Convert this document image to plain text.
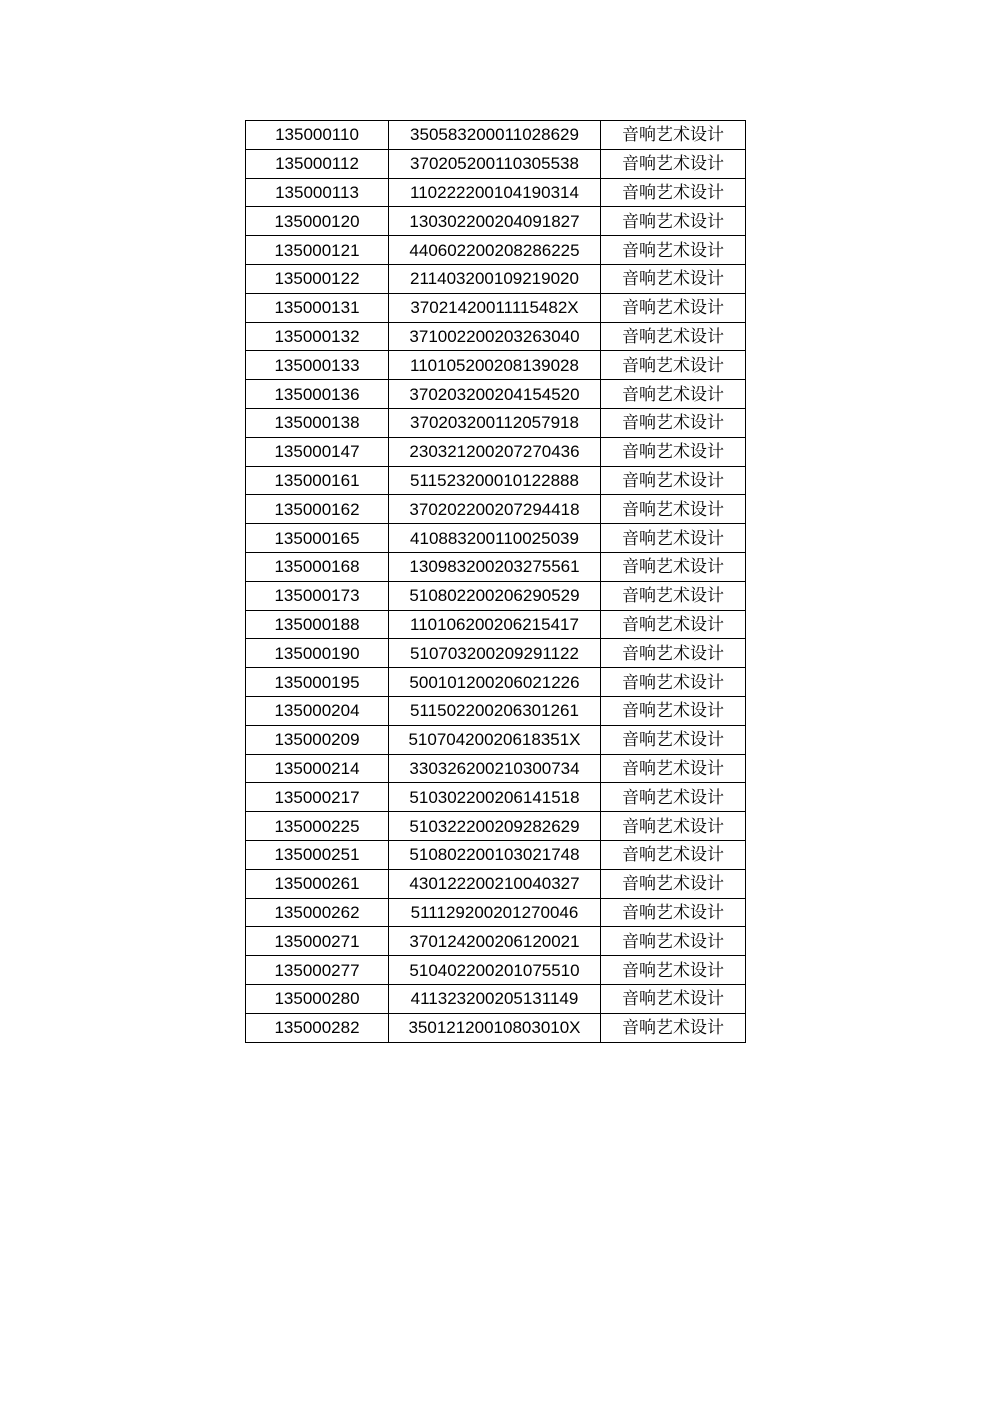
135000110	350583200011028629	音响艺术设计
135000112	370205200110305538	音响艺术设计
135000113	110222200104190314	音响艺术设计
135000120	130302200204091827	音响艺术设计
135000121	440602200208286225	音响艺术设计
135000122	211403200109219020	音响艺术设计
135000131	37021420011115482X	音响艺术设计
135000132	371002200203263040	音响艺术设计
135000133	110105200208139028	音响艺术设计
135000136	370203200204154520	音响艺术设计
135000138	370203200112057918	音响艺术设计
135000147	230321200207270436	音响艺术设计
135000161	511523200010122888	音响艺术设计
135000162	370202200207294418	音响艺术设计
135000165	410883200110025039	音响艺术设计
135000168	130983200203275561	音响艺术设计
135000173	510802200206290529	音响艺术设计
135000188	110106200206215417	音响艺术设计
135000190	510703200209291122	音响艺术设计
135000195	500101200206021226	音响艺术设计
135000204	511502200206301261	音响艺术设计
135000209	51070420020618351X	音响艺术设计
135000214	330326200210300734	音响艺术设计
135000217	510302200206141518	音响艺术设计
135000225	510322200209282629	音响艺术设计
135000251	510802200103021748	音响艺术设计
135000261	430122200210040327	音响艺术设计
135000262	511129200201270046	音响艺术设计
135000271	370124200206120021	音响艺术设计
135000277	510402200201075510	音响艺术设计
135000280	411323200205131149	音响艺术设计
135000282	35012120010803010X	音响艺术设计
